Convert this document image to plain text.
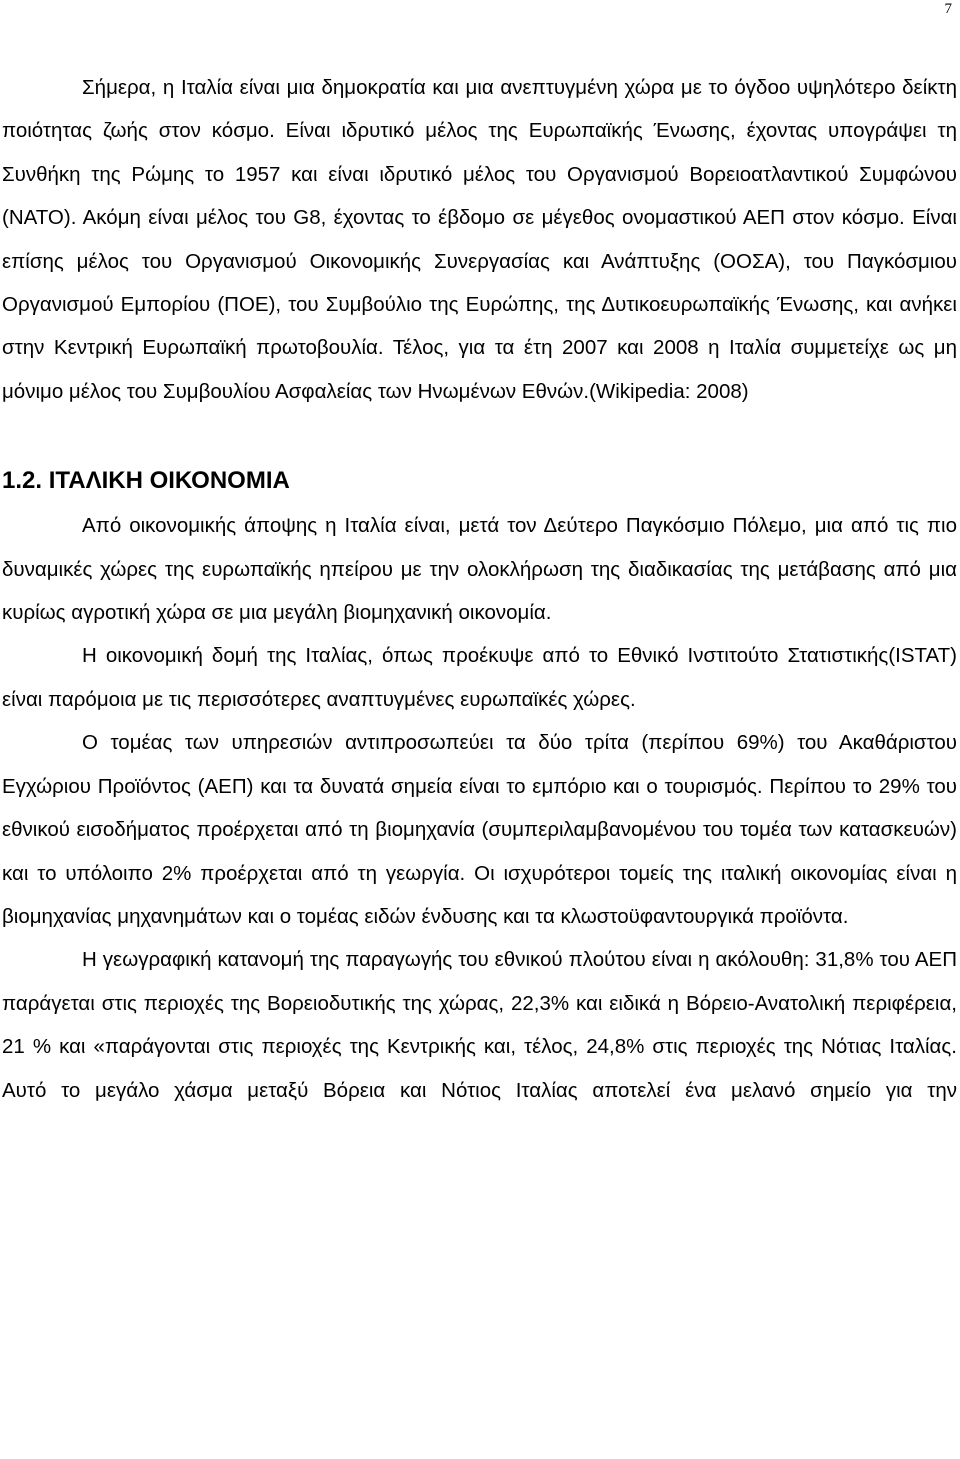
7

Σήμερα, η Ιταλία είναι μια δημοκρατία και μια ανεπτυγμένη χώρα με το όγδοο υψηλότερο δείκτη ποιότητας ζωής στον κόσμο. Είναι ιδρυτικό μέλος της Ευρωπαϊκής Ένωσης, έχοντας υπογράψει τη Συνθήκη της Ρώμης το 1957 και είναι ιδρυτικό μέλος του Οργανισμού Βορειοατλαντικού Συμφώνου (ΝΑΤΟ). Ακόμη είναι μέλος του G8, έχοντας το έβδομο σε μέγεθος ονομαστικού ΑΕΠ στον κόσμο. Είναι επίσης μέλος του Οργανισμού Οικονομικής Συνεργασίας και Ανάπτυξης (ΟΟΣΑ), του Παγκόσμιου Οργανισμού Εμπορίου (ΠΟΕ), του Συμβούλιο της Ευρώπης, της Δυτικοευρωπαϊκής Ένωσης, και ανήκει στην Κεντρική Ευρωπαϊκή πρωτοβουλία. Τέλος, για τα έτη 2007 και 2008 η Ιταλία συμμετείχε ως μη μόνιμο μέλος του Συμβουλίου Ασφαλείας των Ηνωμένων Εθνών.(Wikipedia: 2008)

1.2. ΙΤΑΛΙΚΗ ΟΙΚΟΝΟΜΙΑ

Από οικονομικής άποψης η Ιταλία είναι, μετά τον Δεύτερο Παγκόσμιο Πόλεμο, μια από τις πιο δυναμικές χώρες της ευρωπαϊκής ηπείρου με την ολοκλήρωση της διαδικασίας της μετάβασης από μια κυρίως αγροτική χώρα σε μια μεγάλη βιομηχανική οικονομία.

Η οικονομική δομή της Ιταλίας, όπως προέκυψε από το Εθνικό Ινστιτούτο Στατιστικής(ISTAT) είναι παρόμοια με τις περισσότερες αναπτυγμένες ευρωπαϊκές χώρες.

Ο τομέας των υπηρεσιών αντιπροσωπεύει τα δύο τρίτα (περίπου 69%) του Ακαθάριστου Εγχώριου Προϊόντος (ΑΕΠ) και τα δυνατά σημεία είναι το εμπόριο και ο τουρισμός. Περίπου το 29% του εθνικού εισοδήματος προέρχεται από τη βιομηχανία (συμπεριλαμβανομένου του τομέα των κατασκευών) και το υπόλοιπο 2% προέρχεται από τη γεωργία. Οι ισχυρότεροι τομείς της ιταλική οικονομίας είναι η βιομηχανίας μηχανημάτων και ο τομέας ειδών ένδυσης και τα κλωστοϋφαντουργικά προϊόντα.

Η γεωγραφική κατανομή της παραγωγής του εθνικού πλούτου είναι η ακόλουθη: 31,8% του ΑΕΠ παράγεται στις περιοχές της Βορειοδυτικής της χώρας, 22,3% και ειδικά η Βόρειο-Ανατολική περιφέρεια, 21 % και «παράγονται στις περιοχές της Κεντρικής και, τέλος, 24,8% στις περιοχές της Νότιας Ιταλίας. Αυτό το μεγάλο χάσμα μεταξύ Βόρεια και Νότιος Ιταλίας αποτελεί ένα μελανό σημείο για την
